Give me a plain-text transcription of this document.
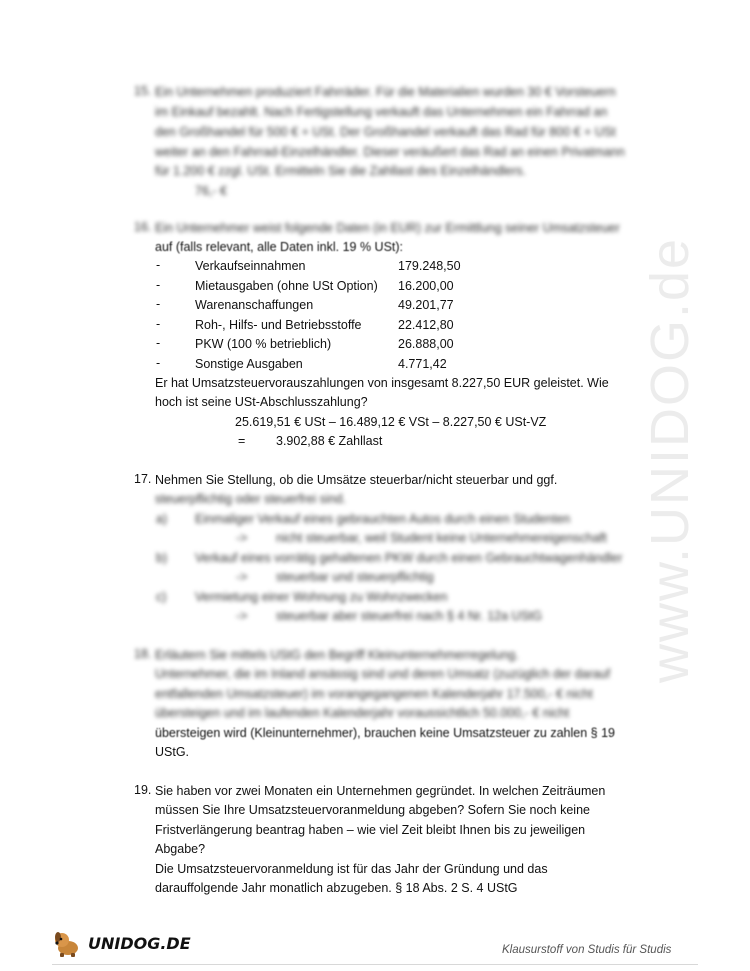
www.UNIDOG.de
15. Ein Unternehmen produziert Fahrräder. Für die Materialien wurden 30 € Vorsteuern
im Einkauf bezahlt. Nach Fertigstellung verkauft das Unternehmen ein Fahrrad an
den Großhandel für 500 € + USt. Der Großhandel verkauft das Rad für 800 € + USt
weiter an den Fahrrad-Einzelhändler. Dieser veräußert das Rad an einen Privatmann
für 1.200 € zzgl. USt. Ermitteln Sie die Zahllast des Einzelhändlers.
76,- €
16. Ein Unternehmer weist folgende Daten (in EUR) zur Ermittlung seiner Umsatzsteuer
auf (falls relevant, alle Daten inkl. 19 % USt):
-	Verkaufseinnahmen	179.248,50
-	Mietausgaben (ohne USt Option) 16.200,00
-	Warenanschaffungen	49.201,77
-	Roh-, Hilfs- und Betriebsstoffe	22.412,80
-	PKW (100 % betrieblich)	26.888,00
-	Sonstige Ausgaben	4.771,42
Er hat Umsatzsteuervorauszahlungen von insgesamt 8.227,50 EUR geleistet. Wie
hoch ist seine USt-Abschlusszahlung?
25.619,51 € USt – 16.489,12 € VSt – 8.227,50 € USt-VZ
= 3.902,88 € Zahllast
17. Nehmen Sie Stellung, ob die Umsätze steuerbar/nicht steuerbar und ggf.
steuerpflichtig oder steuerfrei sind.
a) Einmaliger Verkauf eines gebrauchten Autos durch einen Studenten
-> nicht steuerbar, weil Student keine Unternehmereigenschaft
b) Verkauf eines vorrätig gehaltenen PKW durch einen Gebrauchtwagenhändler
-> steuerbar und steuerpflichtig
c) Vermietung einer Wohnung zu Wohnzwecken
-> steuerbar aber steuerfrei nach § 4 Nr. 12a UStG
18. Erläutern Sie mittels UStG den Begriff Kleinunternehmerregelung.
Unternehmer, die im Inland ansässig sind und deren Umsatz (zuzüglich der darauf
entfallenden Umsatzsteuer) im vorangegangenen Kalenderjahr 17.500,- € nicht
übersteigen und im laufenden Kalenderjahr voraussichtlich 50.000,- € nicht
übersteigen wird (Kleinunternehmer), brauchen keine Umsatzsteuer zu zahlen § 19
UStG.
19. Sie haben vor zwei Monaten ein Unternehmen gegründet. In welchen Zeiträumen
müssen Sie Ihre Umsatzsteuervoranmeldung abgeben? Sofern Sie noch keine
Fristverlängerung beantrag haben – wie viel Zeit bleibt Ihnen bis zu jeweiligen
Abgabe?
Die Umsatzsteuervoranmeldung ist für das Jahr der Gründung und das
darauffolgende Jahr monatlich abzugeben. § 18 Abs. 2 S. 4 UStG
UNIDOG.DE	Klausurstoff von Studis für Studis
